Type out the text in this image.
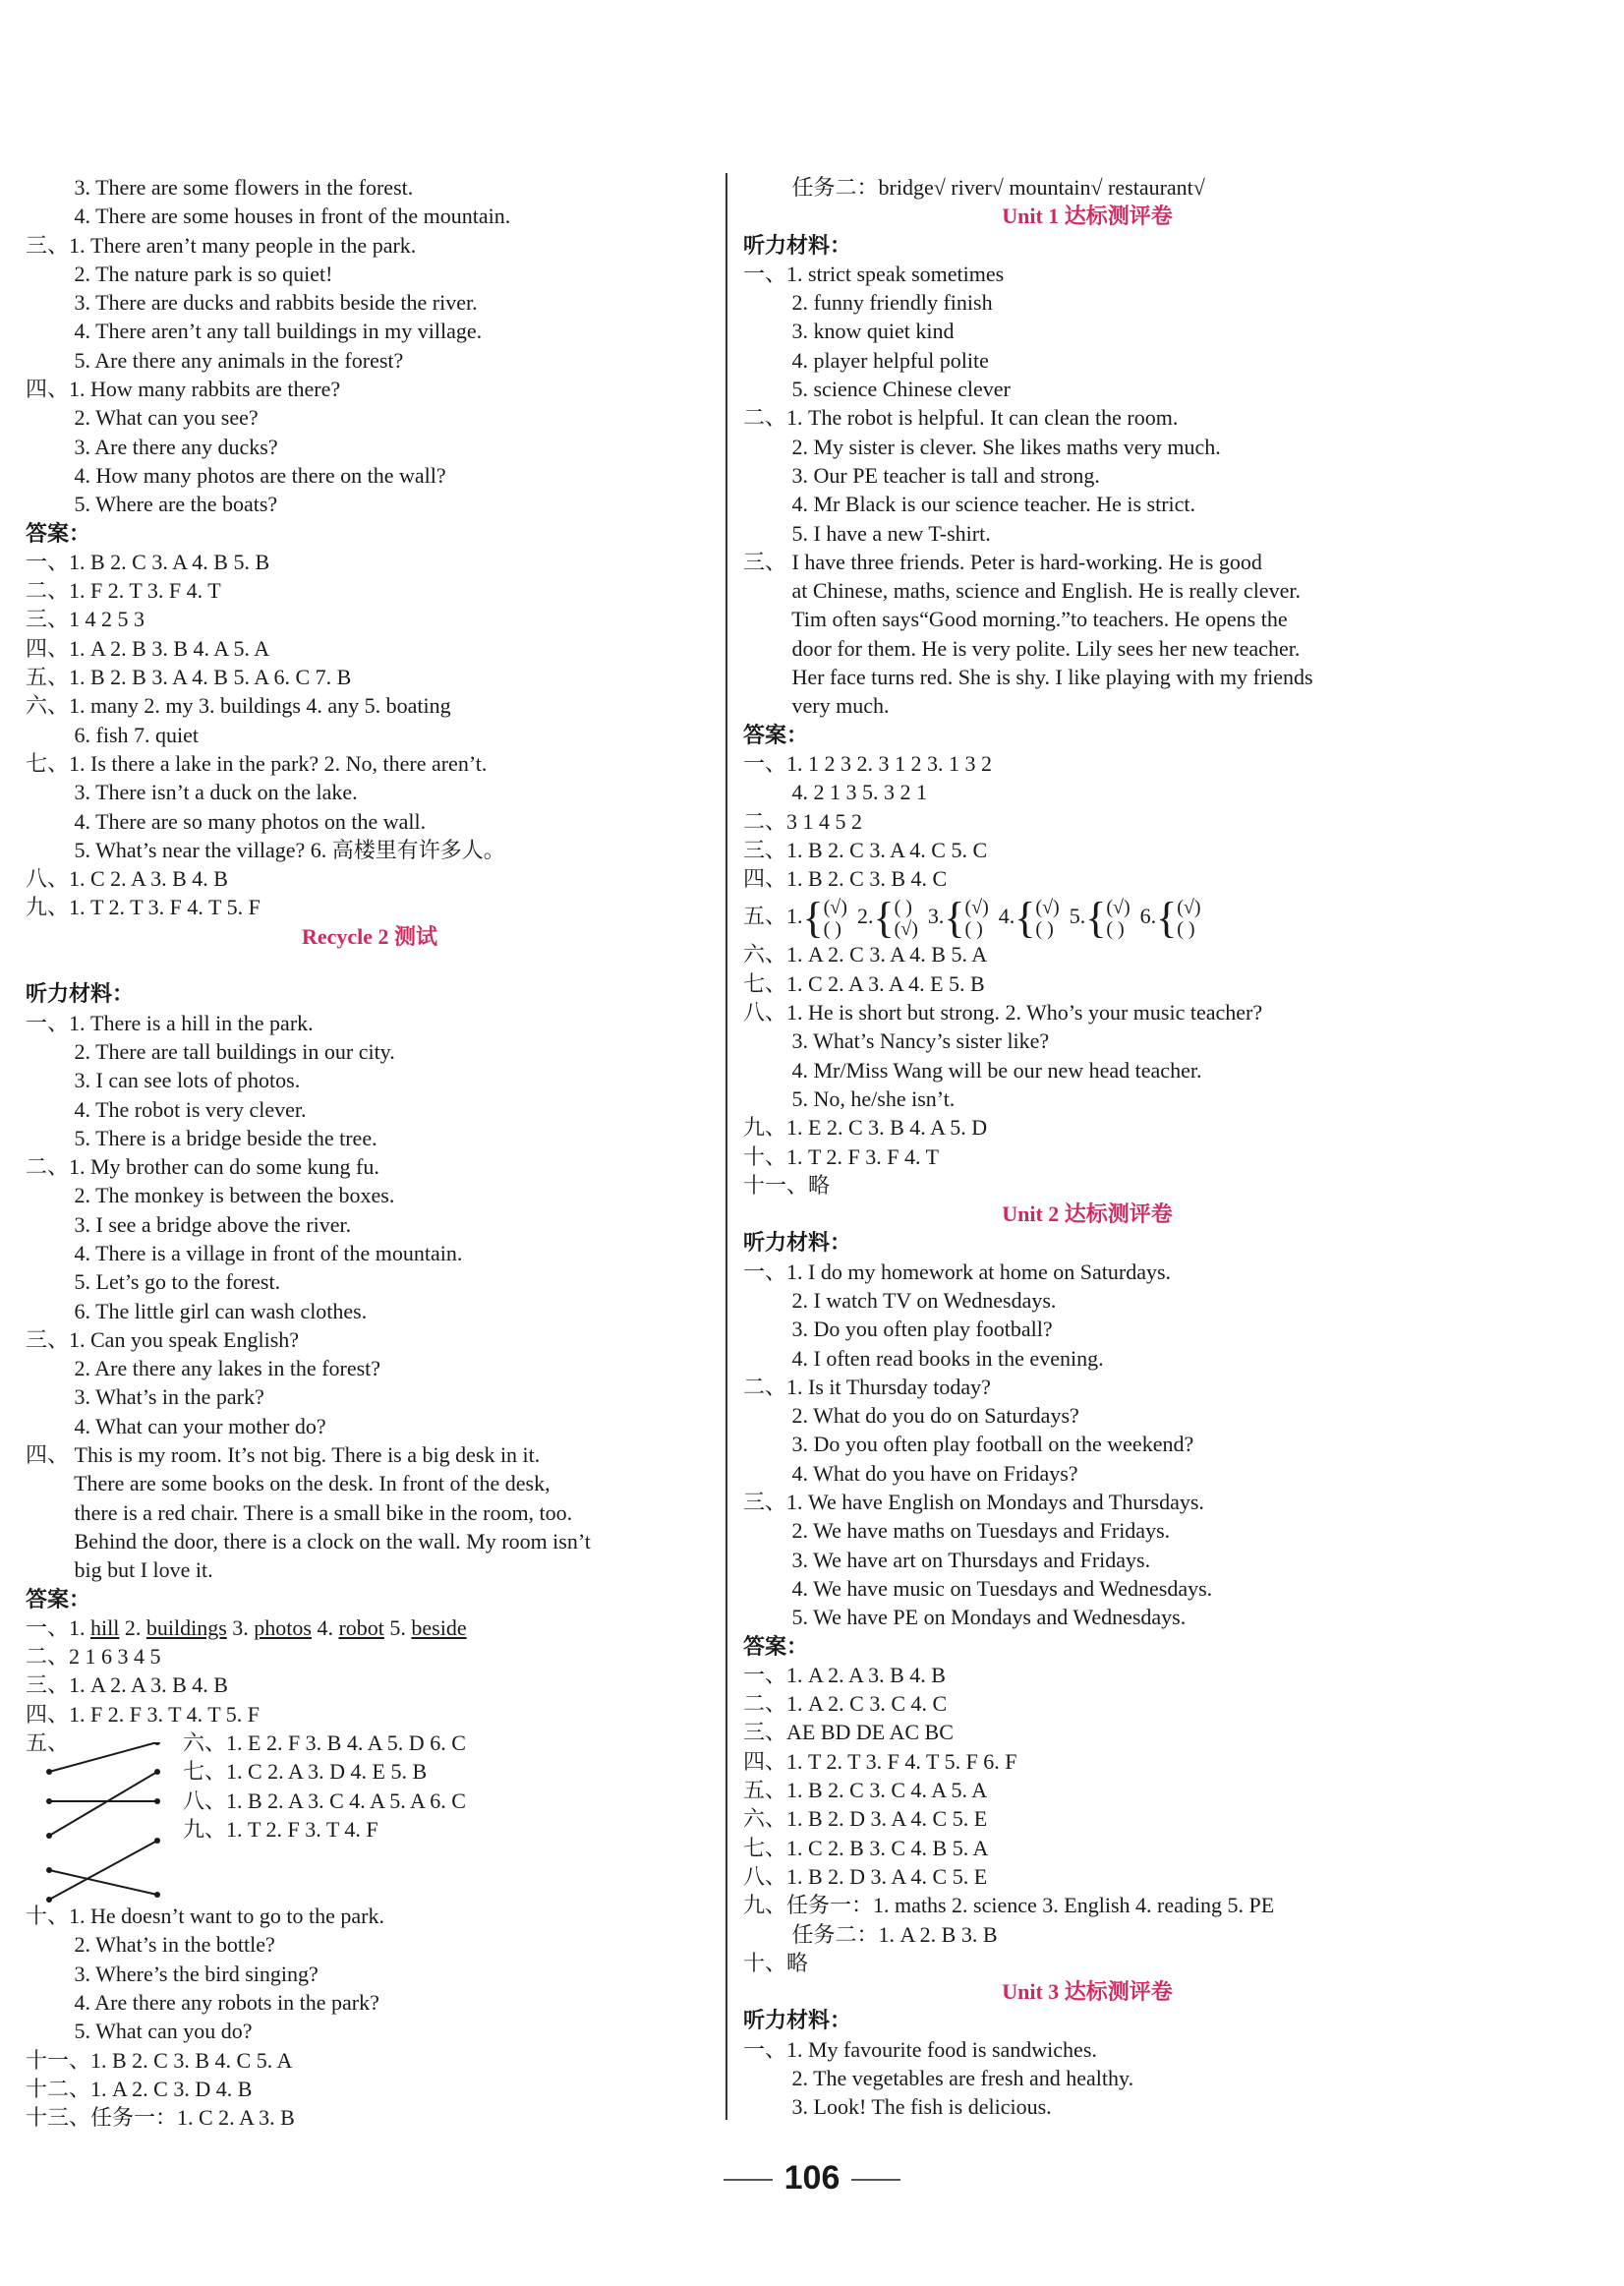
   3. There are some flowers in the forest.
   4. There are some houses in front of the mountain.
三、1. There aren’t many people in the park.
   2. The nature park is so quiet!
   3. There are ducks and rabbits beside the river.
   4. There aren’t any tall buildings in my village.
   5. Are there any animals in the forest?
四、1. How many rabbits are there?
   2. What can you see?
   3. Are there any ducks?
   4. How many photos are there on the wall?
   5. Where are the boats?
答案：
一、1. B 2. C 3. A 4. B 5. B
二、1. F 2. T 3. F 4. T
三、1 4 2 5 3
四、1. A 2. B 3. B 4. A 5. A
五、1. B 2. B 3. A 4. B 5. A 6. C 7. B
六、1. many 2. my 3. buildings 4. any 5. boating
   6. fish 7. quiet
七、1. Is there a lake in the park? 2. No, there aren’t.
   3. There isn’t a duck on the lake.
   4. There are so many photos on the wall.
   5. What’s near the village? 6. 高楼里有许多人。
八、1. C 2. A 3. B 4. B
九、1. T 2. T 3. F 4. T 5. F
Recycle 2 测试
听力材料：
一、1. There is a hill in the park.
   2. There are tall buildings in our city.
   3. I can see lots of photos.
   4. The robot is very clever.
   5. There is a bridge beside the tree.
二、1. My brother can do some kung fu.
   2. The monkey is between the boxes.
   3. I see a bridge above the river.
   4. There is a village in front of the mountain.
   5. Let’s go to the forest.
   6. The little girl can wash clothes.
三、1. Can you speak English?
   2. Are there any lakes in the forest?
   3. What’s in the park?
   4. What can your mother do?
四、 This is my room. It’s not big. There is a big desk in it.
   There are some books on the desk. In front of the desk,
   there is a red chair. There is a small bike in the room, too.
   Behind the door, there is a clock on the wall. My room isn’t
   big but I love it.
答案：
一、1. hill 2. buildings 3. photos 4. robot 5. beside
二、2 1 6 3 4 5
三、1. A 2. A 3. B 4. B
四、1. F 2. F 3. T 4. T 5. F
五、	六、1. E 2. F 3. B 4. A 5. D 6. C
七、1. C 2. A 3. D 4. E 5. B
八、1. B 2. A 3. C 4. A 5. A 6. C
九、1. T 2. F 3. T 4. F
十、1. He doesn’t want to go to the park.
   2. What’s in the bottle?
   3. Where’s the bird singing?
   4. Are there any robots in the park?
   5. What can you do?
十一、1. B 2. C 3. B 4. C 5. A
十二、1. A 2. C 3. D 4. B
十三、任务一：1. C 2. A 3. B
   任务二：bridge√ river√ mountain√ restaurant√
Unit 1 达标测评卷
听力材料：
一、1. strict speak sometimes
   2. funny friendly finish
   3. know quiet kind
   4. player helpful polite
   5. science Chinese clever
二、1. The robot is helpful. It can clean the room.
   2. My sister is clever. She likes maths very much.
   3. Our PE teacher is tall and strong.
   4. Mr Black is our science teacher. He is strict.
   5. I have a new T-shirt.
三、 I have three friends. Peter is hard-working. He is good
   at Chinese, maths, science and English. He is really clever.
   Tim often says“Good morning.”to teachers. He opens the
   door for them. He is very polite. Lily sees her new teacher.
   Her face turns red. She is shy. I like playing with my friends
   very much.
答案：
一、1. 1 2 3 2. 3 1 2 3. 1 3 2
   4. 2 1 3 5. 3 2 1
二、3 1 4 5 2
三、1. B 2. C 3. A 4. C 5. C
四、1. B 2. C 3. B 4. C
五、1.{ (√)
( )
2.{ ( )
(√)
3.{ (√)
( )
4.{ (√)
( )
5.{ (√)
( )
6.{ (√)
( )
六、1. A 2. C 3. A 4. B 5. A
七、1. C 2. A 3. A 4. E 5. B
八、1. He is short but strong. 2. Who’s your music teacher?
   3. What’s Nancy’s sister like?
   4. Mr/Miss Wang will be our new head teacher.
   5. No, he/she isn’t.
九、1. E 2. C 3. B 4. A 5. D
十、1. T 2. F 3. F 4. T
十一、略
Unit 2 达标测评卷
听力材料：
一、1. I do my homework at home on Saturdays.
   2. I watch TV on Wednesdays.
   3. Do you often play football?
   4. I often read books in the evening.
二、1. Is it Thursday today?
   2. What do you do on Saturdays?
   3. Do you often play football on the weekend?
   4. What do you have on Fridays?
三、1. We have English on Mondays and Thursdays.
   2. We have maths on Tuesdays and Fridays.
   3. We have art on Thursdays and Fridays.
   4. We have music on Tuesdays and Wednesdays.
   5. We have PE on Mondays and Wednesdays.
答案：
一、1. A 2. A 3. B 4. B
二、1. A 2. C 3. C 4. C
三、AE BD DE AC BC
四、1. T 2. T 3. F 4. T 5. F 6. F
五、1. B 2. C 3. C 4. A 5. A
六、1. B 2. D 3. A 4. C 5. E
七、1. C 2. B 3. C 4. B 5. A
八、1. B 2. D 3. A 4. C 5. E
九、任务一：1. maths 2. science 3. English 4. reading 5. PE
   任务二：1. A 2. B 3. B
十、略
Unit 3 达标测评卷
听力材料：
一、1. My favourite food is sandwiches.
   2. The vegetables are fresh and healthy.
   3. Look! The fish is delicious.
106
